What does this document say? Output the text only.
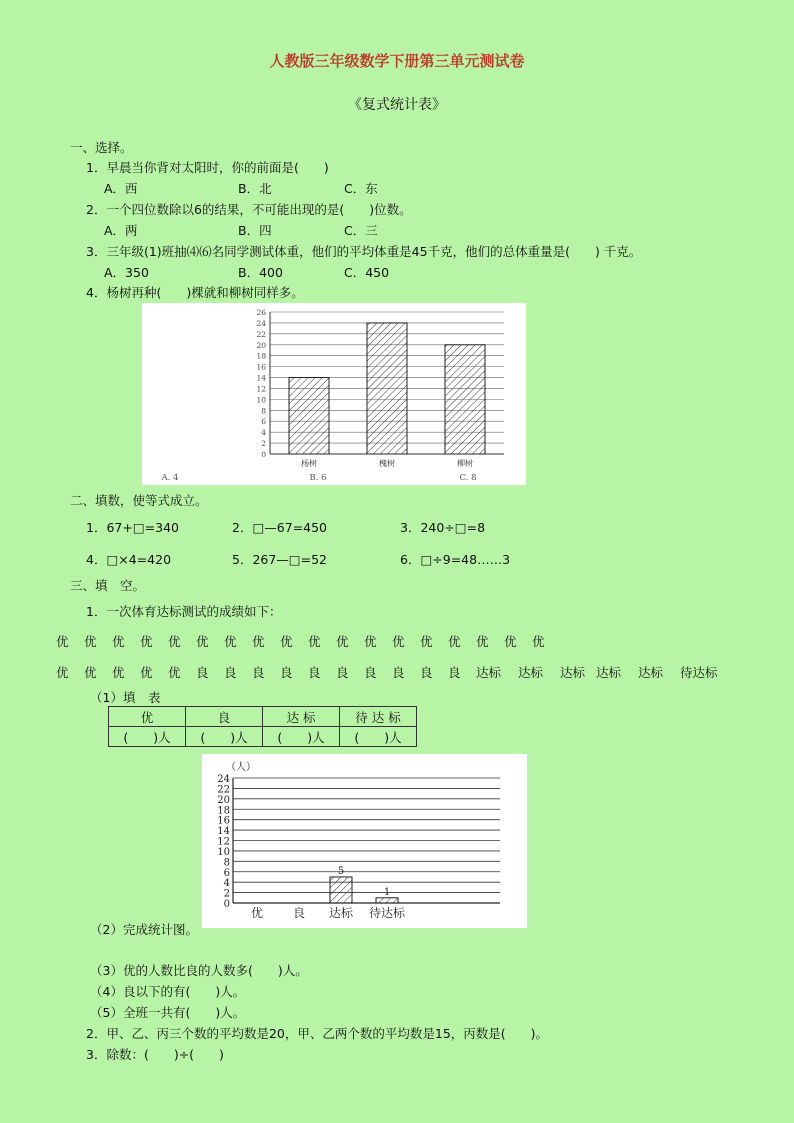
人教版三年级数学下册第三单元测试卷
《复式统计表》
一、选择。
1．早晨当你背对太阳时，你的前面是(　　)
A．西	B．北	C．东
2．一个四位数除以6的结果，不可能出现的是(　　)位数。
A．两	B．四	C．三
3．三年级(1)班抽⑷⑹名同学测试体重，他们的平均体重是45千克，他们的总体重量是(　　) 千克。
A．350	B．400	C．450
4．杨树再种(　　)棵就和柳树同样多。
0
2
4
6
8
10
12
14
16
18
20
22
24
26
杨树	槐树	柳树
A. 4	B. 6	C. 8
二、填数，使等式成立。
1．67+□=340	2．□—67=450	3．240÷□=8
4．□×4=420	5．267—□=52	6．□÷9=48……3
三、填　空。
1．一次体育达标测试的成绩如下：
优 优 优 优 优 优 优 优 优 优 优 优 优 优 优 优 优 优
优 优 优 优 优 良 良 良 良 良 良 良 良 良 良 达标 达标 达标 达标 达标 待达标
（1）填　表
优	良	达 标	待 达 标
(　　)人	(　　)人	(　　)人	(　　)人
（人）
0
2
4
6
8
10
12
14
16
18
20
22
24
优 良
5
达标
1
待达标
（2）完成统计图。
（3）优的人数比良的人数多(　　)人。
（4）良以下的有(　　)人。
（5）全班一共有(　　)人。
2．甲、乙、丙三个数的平均数是20，甲、乙两个数的平均数是15，丙数是(　　)。
3．除数：(　　)÷(　　)
